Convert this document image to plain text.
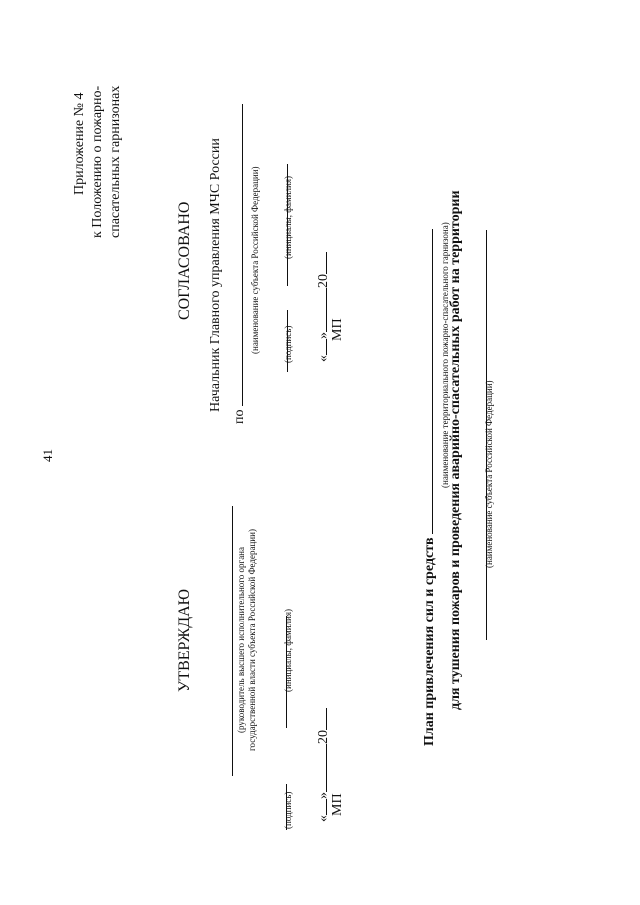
41
Приложение № 4 к Положению о пожарно- спасательных гарнизонах
СОГЛАСОВАНО Начальник Главного управления МЧС России
по
(наименование субъекта Российской Федерации)
	(подпись)
(инициалы, фамилия)
«»20
МП
УТВЕРЖДАЮ	(руководитель высшего исполнительного органа государственной власти субъекта Российской Федерации)

(подпись)
(инициалы, фамилия)
«»20
МП
План привлечения сил и средств
(наименование территориального пожарно-спасательного гарнизона)
для тушения пожаров и проведения аварийно-спасательных работ на территории (наименование субъекта Российской Федерации)
